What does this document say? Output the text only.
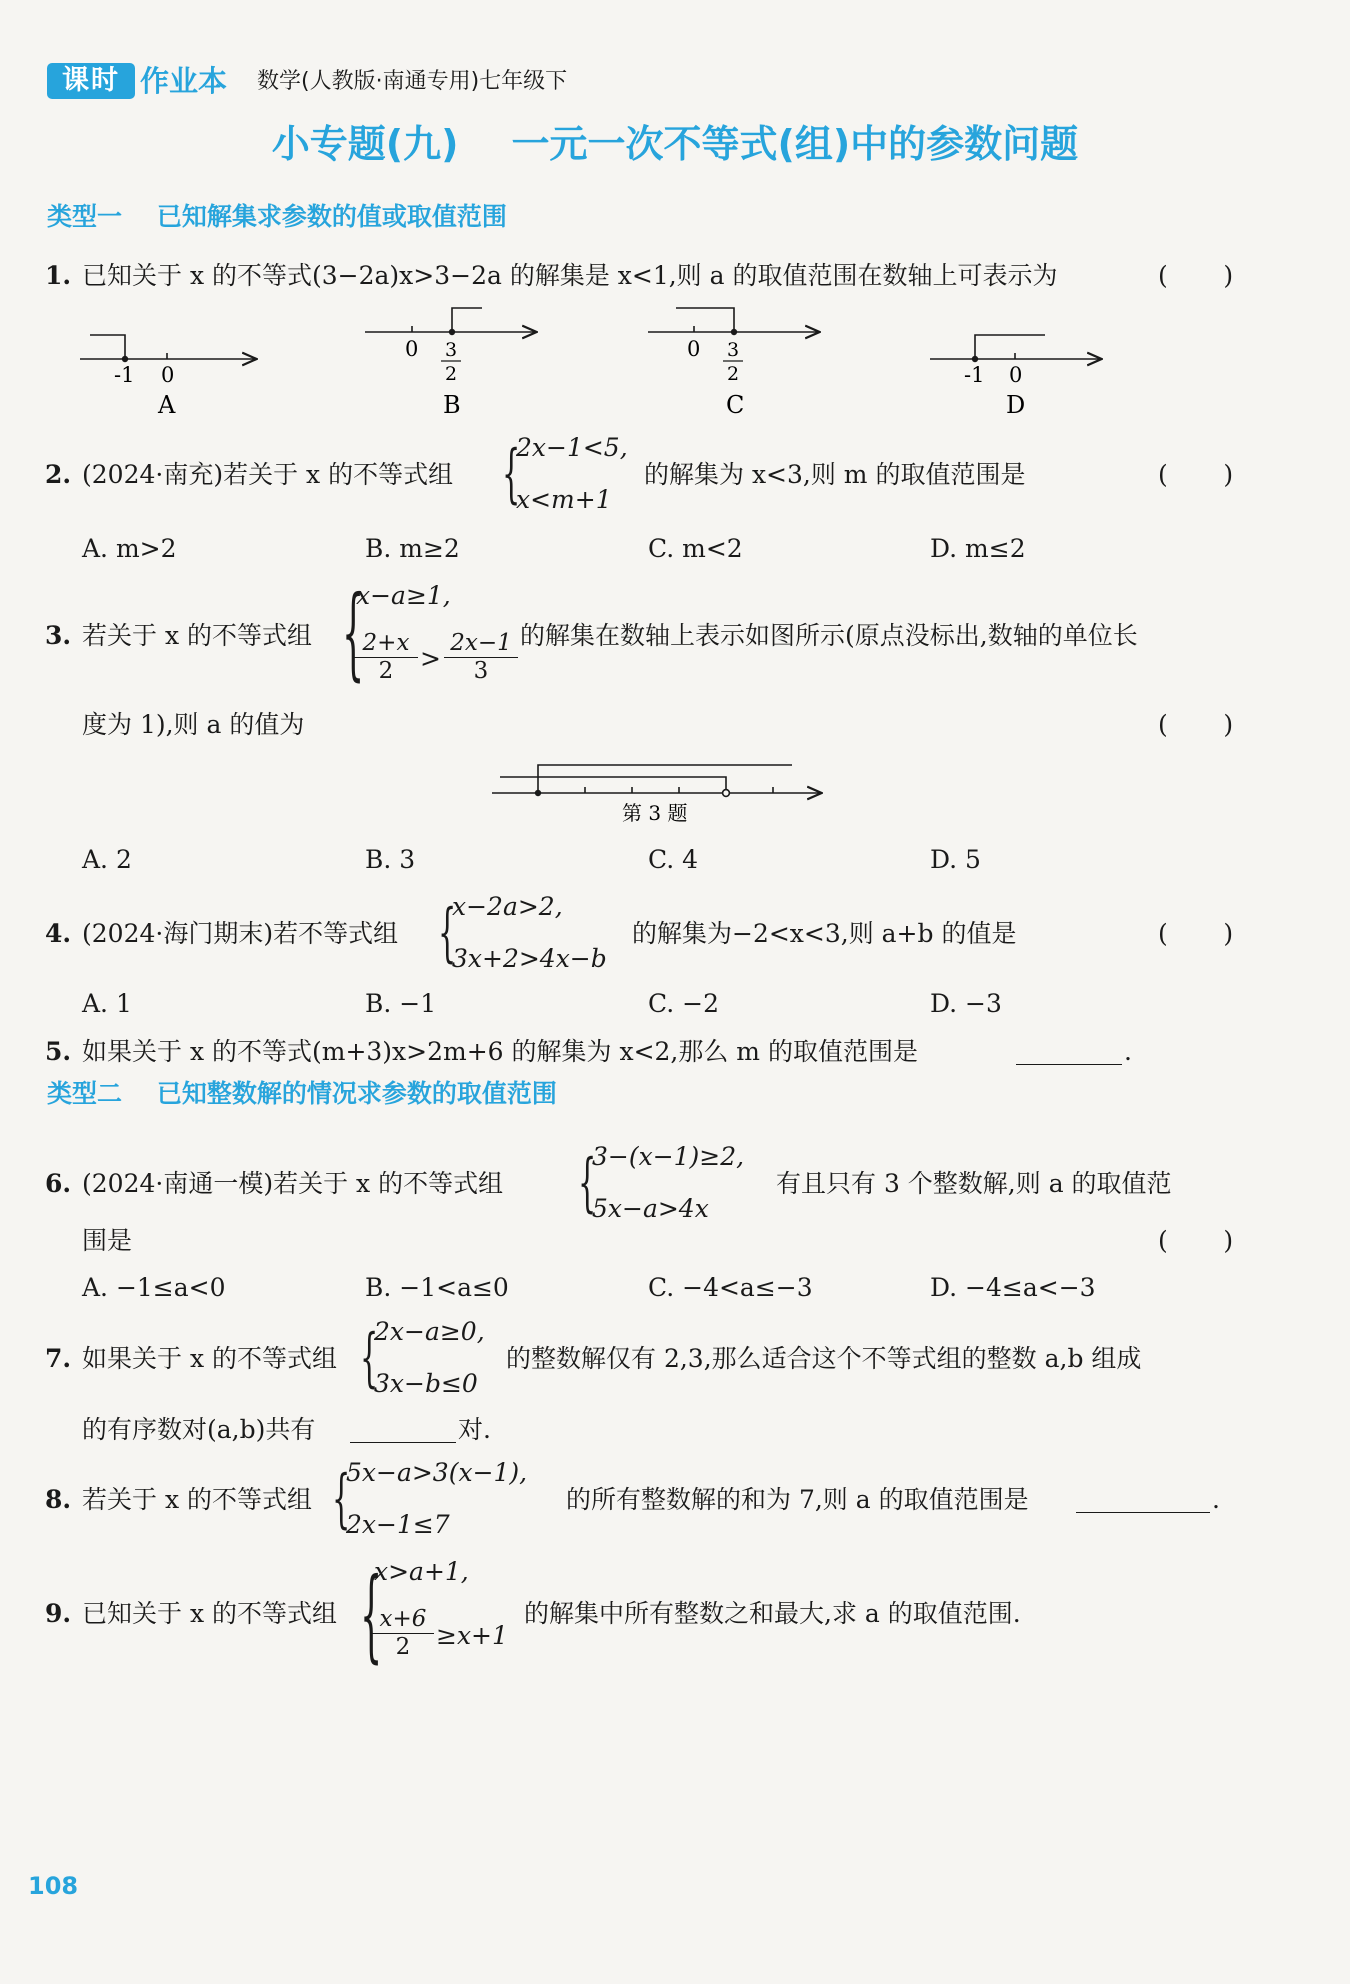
课时 作业本 数学(人教版·南通专用)七年级下
小专题(九)    一元一次不等式(组)中的参数问题
类型一    已知解集求参数的值或取值范围
1. 已知关于 x 的不等式(3−2a)x>3−2a 的解集是 x<1,则 a 的取值范围在数轴上可表示为	(       )
-1 0
A
0 3
2
B
0 3
2
C
-1 0
D
2. (2024·南充)若关于 x 的不等式组 {
2x−1<5,
x<m+1
的解集为 x<3,则 m 的取值范围是	(       )
A. m>2	B. m≥2	C. m<2	D. m≤2
3. 若关于 x 的不等式组 {
x−a≥1,
$\frac{2+x}{2} > \frac{2x-1}{3}$ 的解集在数轴上表示如图所示(原点没标出,数轴的单位长
度为 1),则 a 的值为	(       )
第 3 题
A. 2	B. 3	C. 4	D. 5
4. (2024·海门期末)若不等式组 {
x−2a>2,
3x+2>4x−b
的解集为−2<x<3,则 a+b 的值是	(       )
A. 1	B. −1	C. −2	D. −3
5. 如果关于 x 的不等式(m+3)x>2m+6 的解集为 x<2,那么 m 的取值范围是	.
类型二    已知整数解的情况求参数的取值范围
6. (2024·南通一模)若关于 x 的不等式组 {
3−(x−1)≥2,
5x−a>4x
有且只有 3 个整数解,则 a 的取值范
围是	(       )
A. −1≤a<0	B. −1<a≤0	C. −4<a≤−3	D. −4≤a<−3
7. 如果关于 x 的不等式组 {
2x−a≥0,
3x−b≤0
的整数解仅有 2,3,那么适合这个不等式组的整数 a,b 组成
的有序数对(a,b)共有	对.
8. 若关于 x 的不等式组 {
5x−a>3(x−1),
2x−1≤7
的所有整数解的和为 7,则 a 的取值范围是	.
9. 已知关于 x 的不等式组 {
x>a+1,
$\frac{x+6}{2} \ge x+1$
的解集中所有整数之和最大,求 a 的取值范围.
108
